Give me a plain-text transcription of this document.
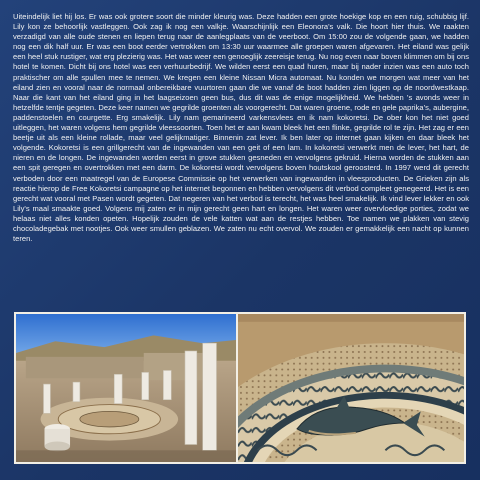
Uiteindelijk liet hij los. Er was ook grotere soort die minder kleurig was. Deze hadden een grote hoekige kop en een ruig, schubbig lijf. Lily kon ze behoorlijk vastleggen. Ook zag ik nog een valkje. Waarschijnlijk een Eleonora's valk. Die hoort hier thuis. We raakten verzadigd van alle oude stenen en liepen terug naar de aanlegplaats van de veerboot. Om 15:00 zou de volgende gaan, we hadden nog een dik half uur. Er was een boot eerder vertrokken om 13:30 uur waarmee alle groepen waren afgevaren. Het eiland was gelijk een heel stuk rustiger, wat erg plezierig was. Het was weer een genoeglijk zeereisje terug. Nu nog even naar boven klimmen om bij ons hotel te komen. Dicht bij ons hotel was een verhuurbedrijf. We wilden eerst een quad huren, maar bij nader inzien was een auto toch praktischer om alle spullen mee te nemen. We kregen een kleine Nissan Micra automaat. Nu konden we morgen wat meer van het eiland zien en vooral naar de normaal onbereikbare vuurtoren gaan die we vanaf de boot hadden zien liggen op de noordwestkaap. Naar die kant van het eiland ging in het laagseizoen geen bus, dus dit was de enige mogelijkheid. We hebben 's avonds weer in hetzelfde tentje gegeten. Deze keer namen we gegrilde groenten als voorgerecht. Dat waren groene, rode en gele paprika's, aubergine, paddenstoelen en courgette. Erg smakelijk. Lily nam gemarineerd varkensvlees en ik nam kokoretsi. De ober kon het niet goed uitleggen, het waren volgens hem gegrilde vleessoorten. Toen het er aan kwam bleek het een flinke, gegrilde rol te zijn. Het zag er een beetje uit als een kleine rollade, maar veel gelijkmatiger. Binnenin zat lever. Ik ben later op internet gaan kijken en daar bleek het volgende. Kokoretsi is een grillgerecht van de ingewanden van een geit of een lam. In kokoretsi verwerkt men de lever, het hart, de nieren en de longen. De ingewanden worden eerst in grove stukken gesneden en vervolgens gekruid. Hierna worden de stukken aan een spit geregen en overtrokken met een darm. De kokoretsi wordt vervolgens boven houtskool geroosterd. In 1997 werd dit gerecht verboden door een maatregel van de Europese Commissie op het verwerken van ingewanden in vleesproducten. De Grieken zijn als reactie hierop de Free Kokoretsi campagne op het internet begonnen en hebben vervolgens dit verbod compleet genegeerd. Het is een gerecht wat vooral met Pasen wordt gegeten. Dat negeren van het verbod is terecht, het was heel smakelijk. Ik vind lever lekker en ook Lily's maal smaakte goed. Volgens mij zaten er in mijn gerecht geen hart en longen. Het waren weer overvloedige porties, zodat we helaas niet alles konden opeten. Hopelijk zouden de vele katten wat aan de restjes hebben. Toe namen we plakken van stevig chocoladegebak met nootjes. Ook weer smullen geblazen. We zaten nu echt overvol. We zouden er gemakkelijk een nacht op kunnen teren.
